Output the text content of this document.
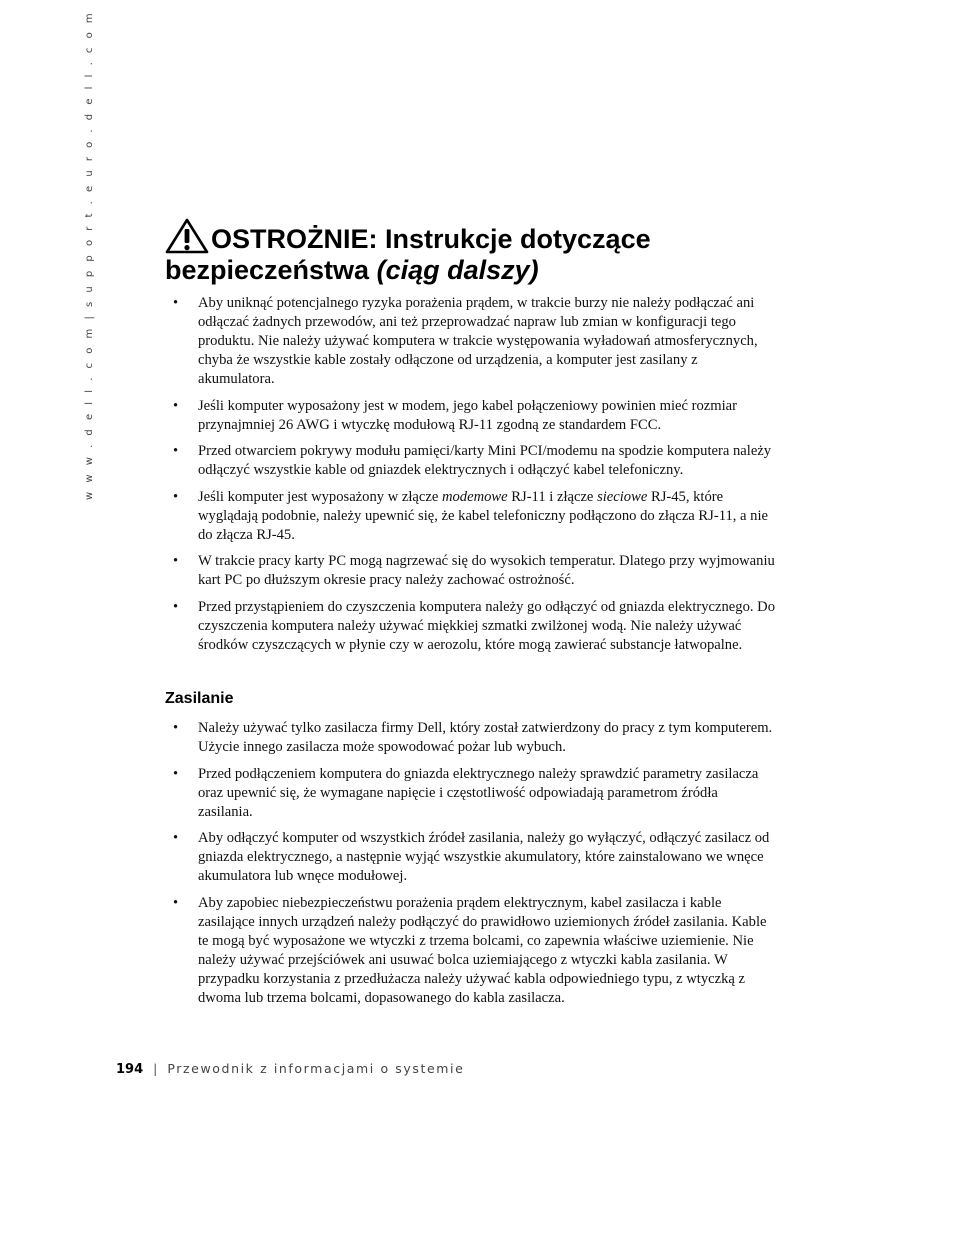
w w w . d e l l . c o m | s u p p o r t . e u r o . d e l l . c o m	OSTROŻNIE: Instrukcje dotyczące bezpieczeństwa (ciąg dalszy)
• Aby uniknąć potencjalnego ryzyka porażenia prądem, w trakcie burzy nie należy podłączać ani odłączać żadnych przewodów, ani też przeprowadzać napraw lub zmian w konfiguracji tego produktu. Nie należy używać komputera w trakcie występowania wyładowań atmosferycznych, chyba że wszystkie kable zostały odłączone od urządzenia, a komputer jest zasilany z akumulatora.
• Jeśli komputer wyposażony jest w modem, jego kabel połączeniowy powinien mieć rozmiar przynajmniej 26 AWG i wtyczkę modułową RJ-11 zgodną ze standardem FCC.
• Przed otwarciem pokrywy modułu pamięci/karty Mini PCI/modemu na spodzie komputera należy odłączyć wszystkie kable od gniazdek elektrycznych i odłączyć kabel telefoniczny.
• Jeśli komputer jest wyposażony w złącze modemowe RJ-11 i złącze sieciowe RJ-45, które wyglądają podobnie, należy upewnić się, że kabel telefoniczny podłączono do złącza RJ-11, a nie do złącza RJ-45.
• W trakcie pracy karty PC mogą nagrzewać się do wysokich temperatur. Dlatego przy wyjmowaniu kart PC po dłuższym okresie pracy należy zachować ostrożność.
• Przed przystąpieniem do czyszczenia komputera należy go odłączyć od gniazda elektrycznego. Do czyszczenia komputera należy używać miękkiej szmatki zwilżonej wodą. Nie należy używać środków czyszczących w płynie czy w aerozolu, które mogą zawierać substancje łatwopalne.
Zasilanie
• Należy używać tylko zasilacza firmy Dell, który został zatwierdzony do pracy z tym komputerem. Użycie innego zasilacza może spowodować pożar lub wybuch.
• Przed podłączeniem komputera do gniazda elektrycznego należy sprawdzić parametry zasilacza oraz upewnić się, że wymagane napięcie i częstotliwość odpowiadają parametrom źródła zasilania.
• Aby odłączyć komputer od wszystkich źródeł zasilania, należy go wyłączyć, odłączyć zasilacz od gniazda elektrycznego, a następnie wyjąć wszystkie akumulatory, które zainstalowano we wnęce akumulatora lub wnęce modułowej.
• Aby zapobiec niebezpieczeństwu porażenia prądem elektrycznym, kabel zasilacza i kable zasilające innych urządzeń należy podłączyć do prawidłowo uziemionych źródeł zasilania. Kable te mogą być wyposażone we wtyczki z trzema bolcami, co zapewnia właściwe uziemienie. Nie należy używać przejściówek ani usuwać bolca uziemiającego z wtyczki kabla zasilania. W przypadku korzystania z przedłużacza należy używać kabla odpowiedniego typu, z wtyczką z dwoma lub trzema bolcami, dopasowanego do kabla zasilacza.
194 | Przewodnik z informacjami o systemie
